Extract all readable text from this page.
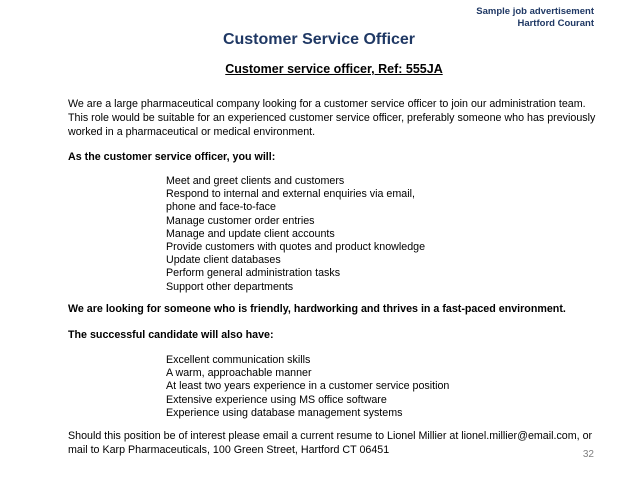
Sample job advertisement
Hartford Courant
Customer Service Officer
Customer service officer, Ref: 555JA
We are a large pharmaceutical company looking for a customer service officer to join our administration team. This role would be suitable for an experienced customer service officer, preferably someone who has previously worked in a pharmaceutical or medical environment.
As the customer service officer, you will:
Meet and greet clients and customers
Respond to internal and external enquiries via email,
phone and face-to-face
Manage customer order entries
Manage and update client accounts
Provide customers with quotes and product knowledge
Update client databases
Perform general administration tasks
Support other departments
We are looking for someone who is friendly, hardworking and thrives in a fast-paced environment.
The successful candidate will also have:
Excellent communication skills
A warm, approachable manner
At least two years experience in a customer service position
Extensive experience using MS office software
Experience using database management systems
Should this position be of interest please email a current resume to Lionel Millier at lionel.millier@email.com, or mail to Karp Pharmaceuticals, 100 Green Street, Hartford CT 06451	32
